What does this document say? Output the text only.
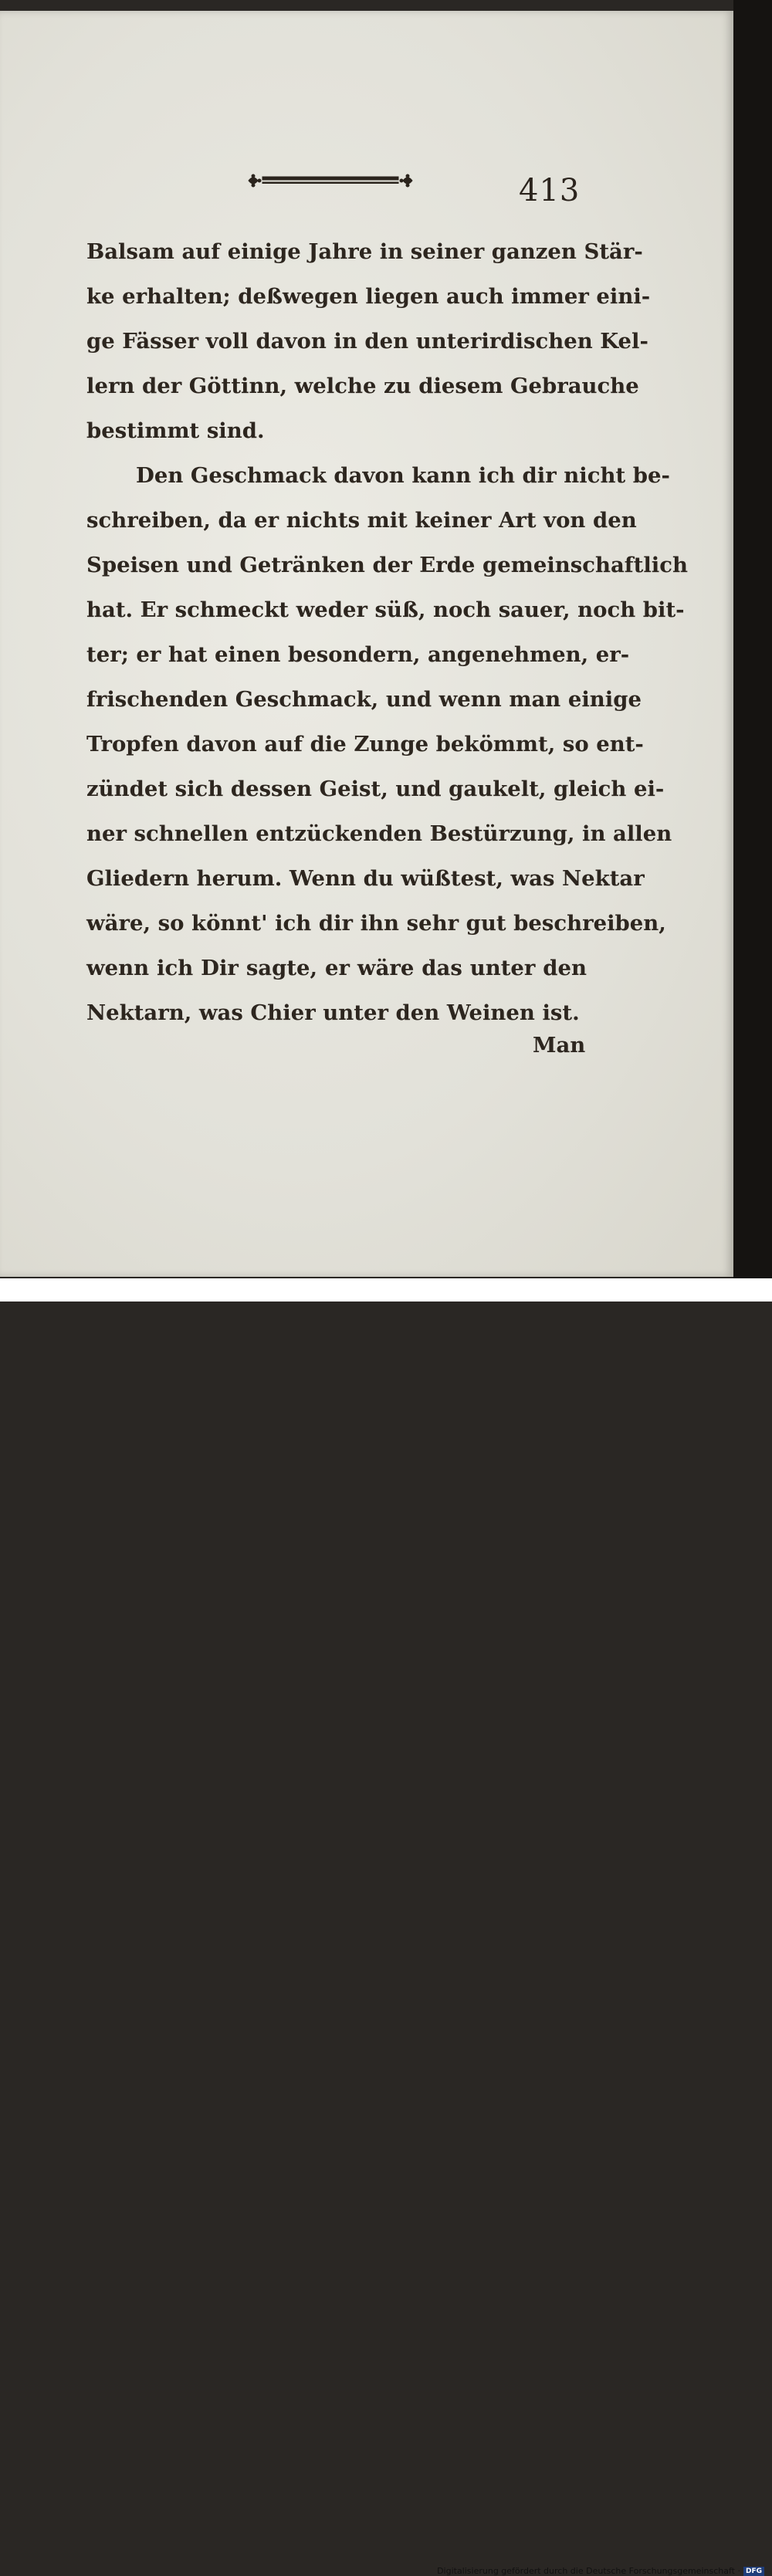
413
Balsam auf einige Jahre in seiner ganzen Stär-
ke erhalten; deßwegen liegen auch immer eini-
ge Fässer voll davon in den unterirdischen Kel-
lern der Göttinn, welche zu diesem Gebrauche
bestimmt sind.
Den Geschmack davon kann ich dir nicht be-
schreiben, da er nichts mit keiner Art von den
Speisen und Getränken der Erde gemeinschaftlich
hat. Er schmeckt weder süß, noch sauer, noch bit-
ter; er hat einen besondern, angenehmen, er-
frischenden Geschmack, und wenn man einige
Tropfen davon auf die Zunge bekömmt, so ent-
zündet sich dessen Geist, und gaukelt, gleich ei-
ner schnellen entzückenden Bestürzung, in allen
Gliedern herum. Wenn du wüßtest, was Nektar
wäre, so könnt' ich dir ihn sehr gut beschreiben,
wenn ich Dir sagte, er wäre das unter den
Nektarn, was Chier unter den Weinen ist.
Man
Digitalisierung gefördert durch die Deutsche Forschungsgemeinschaft · DFG
